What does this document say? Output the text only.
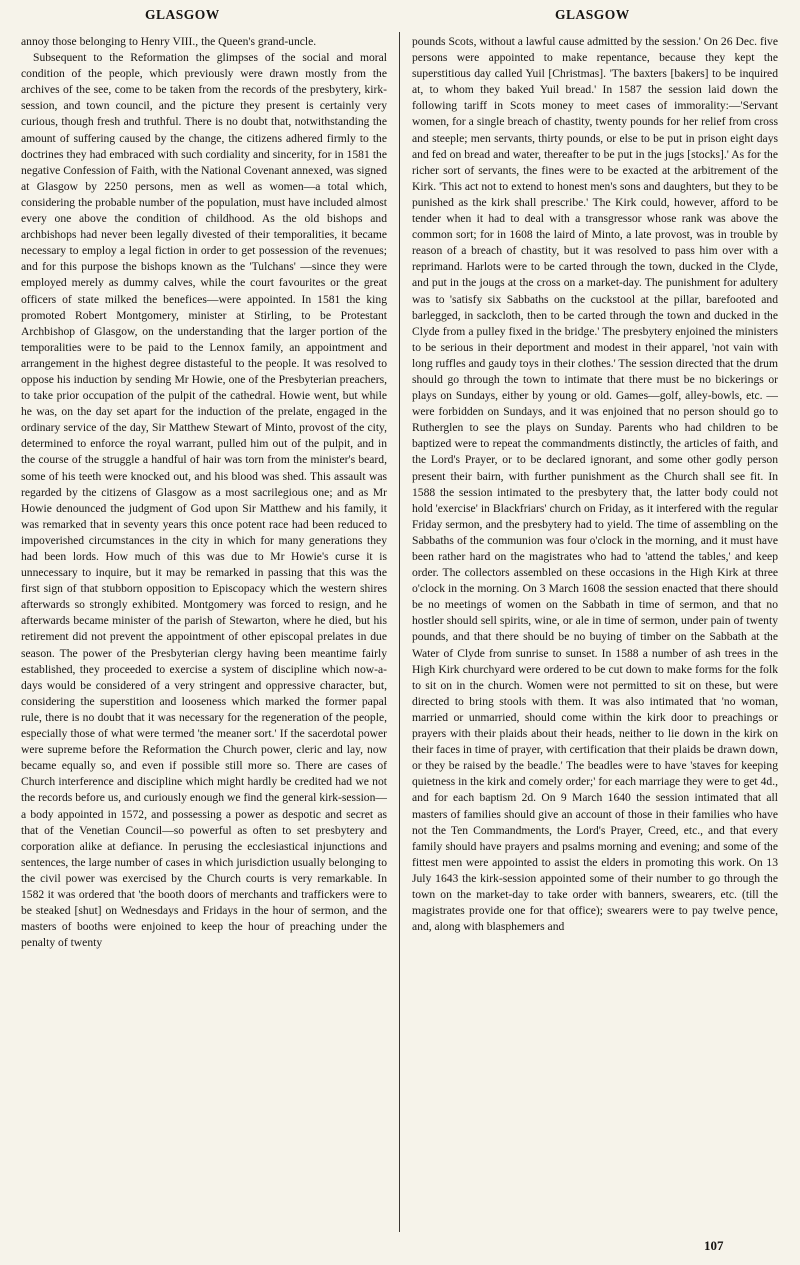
GLASGOW	GLASGOW

annoy those belonging to Henry VIII., the Queen's grand-uncle.

Subsequent to the Reformation the glimpses of the social and moral condition of the people, which previously were drawn mostly from the archives of the see, come to be taken from the records of the presbytery, kirk-session, and town council, and the picture they present is certainly very curious, though fresh and truthful. There is no doubt that, notwithstanding the amount of suffering caused by the change, the citizens adhered firmly to the doctrines they had embraced with such cordiality and sincerity, for in 1581 the negative Confession of Faith, with the National Covenant annexed, was signed at Glasgow by 2250 persons, men as well as women—a total which, considering the probable number of the population, must have included almost every one above the condition of childhood. As the old bishops and archbishops had never been legally divested of their temporalities, it became necessary to employ a legal fiction in order to get possession of the revenues; and for this purpose the bishops known as the 'Tulchans' —since they were employed merely as dummy calves, while the court favourites or the great officers of state milked the benefices—were appointed. In 1581 the king promoted Robert Montgomery, minister at Stirling, to be Protestant Archbishop of Glasgow, on the understanding that the larger portion of the temporalities were to be paid to the Lennox family, an appointment and arrangement in the highest degree distasteful to the people. It was resolved to oppose his induction by sending Mr Howie, one of the Presbyterian preachers, to take prior occupation of the pulpit of the cathedral. Howie went, but while he was, on the day set apart for the induction of the prelate, engaged in the ordinary service of the day, Sir Matthew Stewart of Minto, provost of the city, determined to enforce the royal warrant, pulled him out of the pulpit, and in the course of the struggle a handful of hair was torn from the minister's beard, some of his teeth were knocked out, and his blood was shed. This assault was regarded by the citizens of Glasgow as a most sacrilegious one; and as Mr Howie denounced the judgment of God upon Sir Matthew and his family, it was remarked that in seventy years this once potent race had been reduced to impoverished circumstances in the city in which for many generations they had been lords. How much of this was due to Mr Howie's curse it is unnecessary to inquire, but it may be remarked in passing that this was the first sign of that stubborn opposition to Episcopacy which the western shires afterwards so strongly exhibited. Montgomery was forced to resign, and he afterwards became minister of the parish of Stewarton, where he died, but his retirement did not prevent the appointment of other episcopal prelates in due season. The power of the Presbyterian clergy having been meantime fairly established, they proceeded to exercise a system of discipline which now-a-days would be considered of a very stringent and oppressive character, but, considering the superstition and looseness which marked the former papal rule, there is no doubt that it was necessary for the regeneration of the people, especially those of what were termed 'the meaner sort.' If the sacerdotal power were supreme before the Reformation the Church power, cleric and lay, now became equally so, and even if possible still more so. There are cases of Church interference and discipline which might hardly be credited had we not the records before us, and curiously enough we find the general kirk-session—a body appointed in 1572, and possessing a power as despotic and secret as that of the Venetian Council—so powerful as often to set presbytery and corporation alike at defiance. In perusing the ecclesiastical injunctions and sentences, the large number of cases in which jurisdiction usually belonging to the civil power was exercised by the Church courts is very remarkable. In 1582 it was ordered that 'the booth doors of merchants and traffickers were to be steaked [shut] on Wednesdays and Fridays in the hour of sermon, and the masters of booths were enjoined to keep the hour of preaching under the penalty of twenty

pounds Scots, without a lawful cause admitted by the session.' On 26 Dec. five persons were appointed to make repentance, because they kept the superstitious day called Yuil [Christmas]. 'The baxters [bakers] to be inquired at, to whom they baked Yuil bread.' In 1587 the session laid down the following tariff in Scots money to meet cases of immorality:—'Servant women, for a single breach of chastity, twenty pounds for her relief from cross and steeple; men servants, thirty pounds, or else to be put in prison eight days and fed on bread and water, thereafter to be put in the jugs [stocks].' As for the richer sort of servants, the fines were to be exacted at the arbitrement of the Kirk. 'This act not to extend to honest men's sons and daughters, but they to be punished as the kirk shall prescribe.' The Kirk could, however, afford to be tender when it had to deal with a transgressor whose rank was above the common sort; for in 1608 the laird of Minto, a late provost, was in trouble by reason of a breach of chastity, but it was resolved to pass him over with a reprimand. Harlots were to be carted through the town, ducked in the Clyde, and put in the jougs at the cross on a market-day. The punishment for adultery was to 'satisfy six Sabbaths on the cuckstool at the pillar, barefooted and barlegged, in sackcloth, then to be carted through the town and ducked in the Clyde from a pulley fixed in the bridge.' The presbytery enjoined the ministers to be serious in their deportment and modest in their apparel, 'not vain with long ruffles and gaudy toys in their clothes.' The session directed that the drum should go through the town to intimate that there must be no bickerings or plays on Sundays, either by young or old. Games—golf, alley-bowls, etc. —were forbidden on Sundays, and it was enjoined that no person should go to Rutherglen to see the plays on Sunday. Parents who had children to be baptized were to repeat the commandments distinctly, the articles of faith, and the Lord's Prayer, or to be declared ignorant, and some other godly person present their bairn, with further punishment as the Church shall see fit. In 1588 the session intimated to the presbytery that, the latter body could not hold 'exercise' in Blackfriars' church on Friday, as it interfered with the regular Friday sermon, and the presbytery had to yield. The time of assembling on the Sabbaths of the communion was four o'clock in the morning, and it must have been rather hard on the magistrates who had to 'attend the tables,' and keep order. The collectors assembled on these occasions in the High Kirk at three o'clock in the morning. On 3 March 1608 the session enacted that there should be no meetings of women on the Sabbath in time of sermon, and that no hostler should sell spirits, wine, or ale in time of sermon, under pain of twenty pounds, and that there should be no buying of timber on the Sabbath at the Water of Clyde from sunrise to sunset. In 1588 a number of ash trees in the High Kirk churchyard were ordered to be cut down to make forms for the folk to sit on in the church. Women were not permitted to sit on these, but were directed to bring stools with them. It was also intimated that 'no woman, married or unmarried, should come within the kirk door to preachings or prayers with their plaids about their heads, neither to lie down in the kirk on their faces in time of prayer, with certification that their plaids be drawn down, or they be raised by the beadle.' The beadles were to have 'staves for keeping quietness in the kirk and comely order;' for each marriage they were to get 4d., and for each baptism 2d. On 9 March 1640 the session intimated that all masters of families should give an account of those in their families who have not the Ten Commandments, the Lord's Prayer, Creed, etc., and that every family should have prayers and psalms morning and evening; and some of the fittest men were appointed to assist the elders in promoting this work. On 13 July 1643 the kirk-session appointed some of their number to go through the town on the market-day to take order with banners, swearers, etc. (till the magistrates provide one for that office); swearers were to pay twelve pence, and, along with blasphemers and

107
